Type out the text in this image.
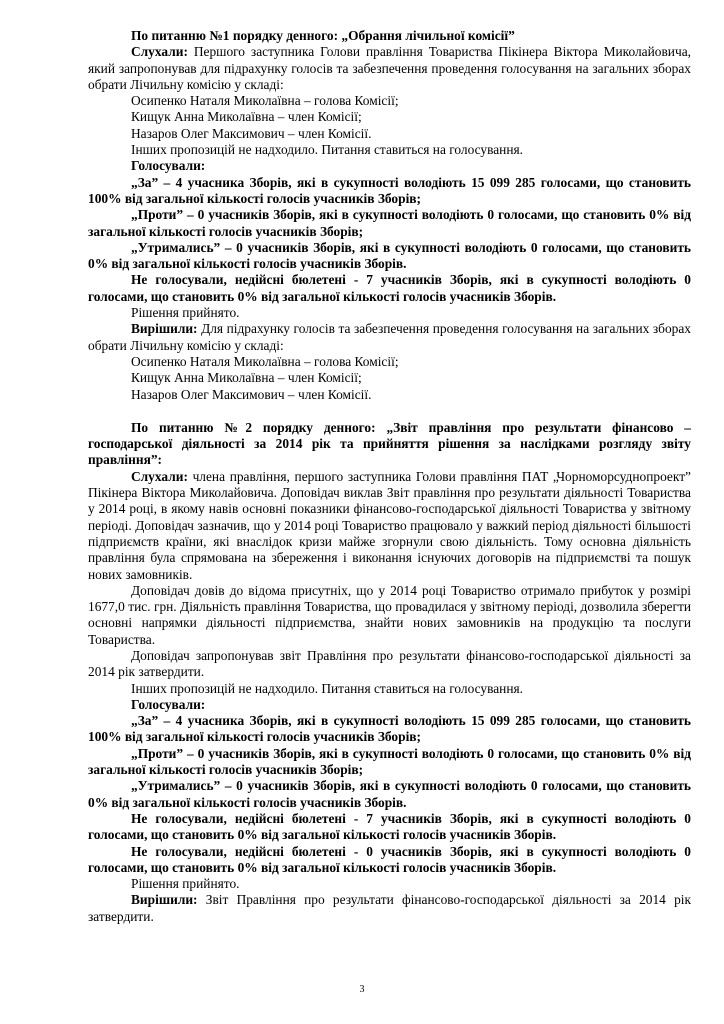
По питанню №1 порядку денного: „Обрання лічильної комісії”

Слухали: Першого заступника Голови правління Товариства Пікінера Віктора Миколайовича, який запропонував для підрахунку голосів та забезпечення проведення голосування на загальних зборах обрати Лічильну комісію у складі:

Осипенко Наталя Миколаївна – голова Комісії;

Кищук Анна Миколаївна – член Комісії;

Назаров Олег Максимович – член Комісії.

Інших пропозицій не надходило. Питання ставиться на голосування.

Голосували:

„За” – 4 учасника Зборів, які в сукупності володіють 15 099 285 голосами, що становить 100% від загальної кількості голосів учасників Зборів;

„Проти” – 0 учасників Зборів, які в сукупності володіють 0 голосами, що становить 0% від загальної кількості голосів учасників Зборів;

„Утримались” – 0 учасників Зборів, які в сукупності володіють 0 голосами, що становить 0% від загальної кількості голосів учасників Зборів.

Не голосували, недійсні бюлетені - 7 учасників Зборів, які в сукупності володіють 0 голосами, що становить 0% від загальної кількості голосів учасників Зборів.

Рішення прийнято.

Вирішили: Для підрахунку голосів та забезпечення проведення голосування на загальних зборах обрати Лічильну комісію у складі:

Осипенко Наталя Миколаївна – голова Комісії;

Кищук Анна Миколаївна – член Комісії;

Назаров Олег Максимович – член Комісії.

По питанню №2 порядку денного: „Звіт правління про результати фінансово – господарської діяльності за 2014 рік та прийняття рішення за наслідками розгляду звіту правління”:

Слухали: члена правління, першого заступника Голови правління ПАТ „Чорноморсуднопроект” Пікінера Віктора Миколайовича. Доповідач виклав Звіт правління про результати діяльності Товариства у 2014 році, в якому навів основні показники фінансово-господарської діяльності Товариства у звітному періоді. Доповідач зазначив, що у 2014 році Товариство працювало у важкий період діяльності більшості підприємств країни, які внаслідок кризи майже згорнули свою діяльність. Тому основна діяльність правління була спрямована на збереження і виконання існуючих договорів на підприємстві та пошук нових замовників.

Доповідач довів до відома присутніх, що у 2014 році Товариство отримало прибуток у розмірі 1677,0 тис. грн. Діяльність правління Товариства, що провадилася у звітному періоді, дозволила зберегти основні напрямки діяльності підприємства, знайти нових замовників на продукцію та послуги Товариства.

Доповідач запропонував звіт Правління про результати фінансово-господарської діяльності за 2014 рік затвердити.

Інших пропозицій не надходило. Питання ставиться на голосування.

Голосували:

„За” – 4 учасника Зборів, які в сукупності володіють 15 099 285 голосами, що становить 100% від загальної кількості голосів учасників Зборів;

„Проти” – 0 учасників Зборів, які в сукупності володіють 0 голосами, що становить 0% від загальної кількості голосів учасників Зборів;

„Утримались” – 0 учасників Зборів, які в сукупності володіють 0 голосами, що становить 0% від загальної кількості голосів учасників Зборів.

Не голосували, недійсні бюлетені - 7 учасників Зборів, які в сукупності володіють 0 голосами, що становить 0% від загальної кількості голосів учасників Зборів.

Не голосували, недійсні бюлетені - 0 учасників Зборів, які в сукупності володіють 0 голосами, що становить 0% від загальної кількості голосів учасників Зборів.

Рішення прийнято.

Вирішили: Звіт Правління про результати фінансово-господарської діяльності за 2014 рік затвердити.

3
